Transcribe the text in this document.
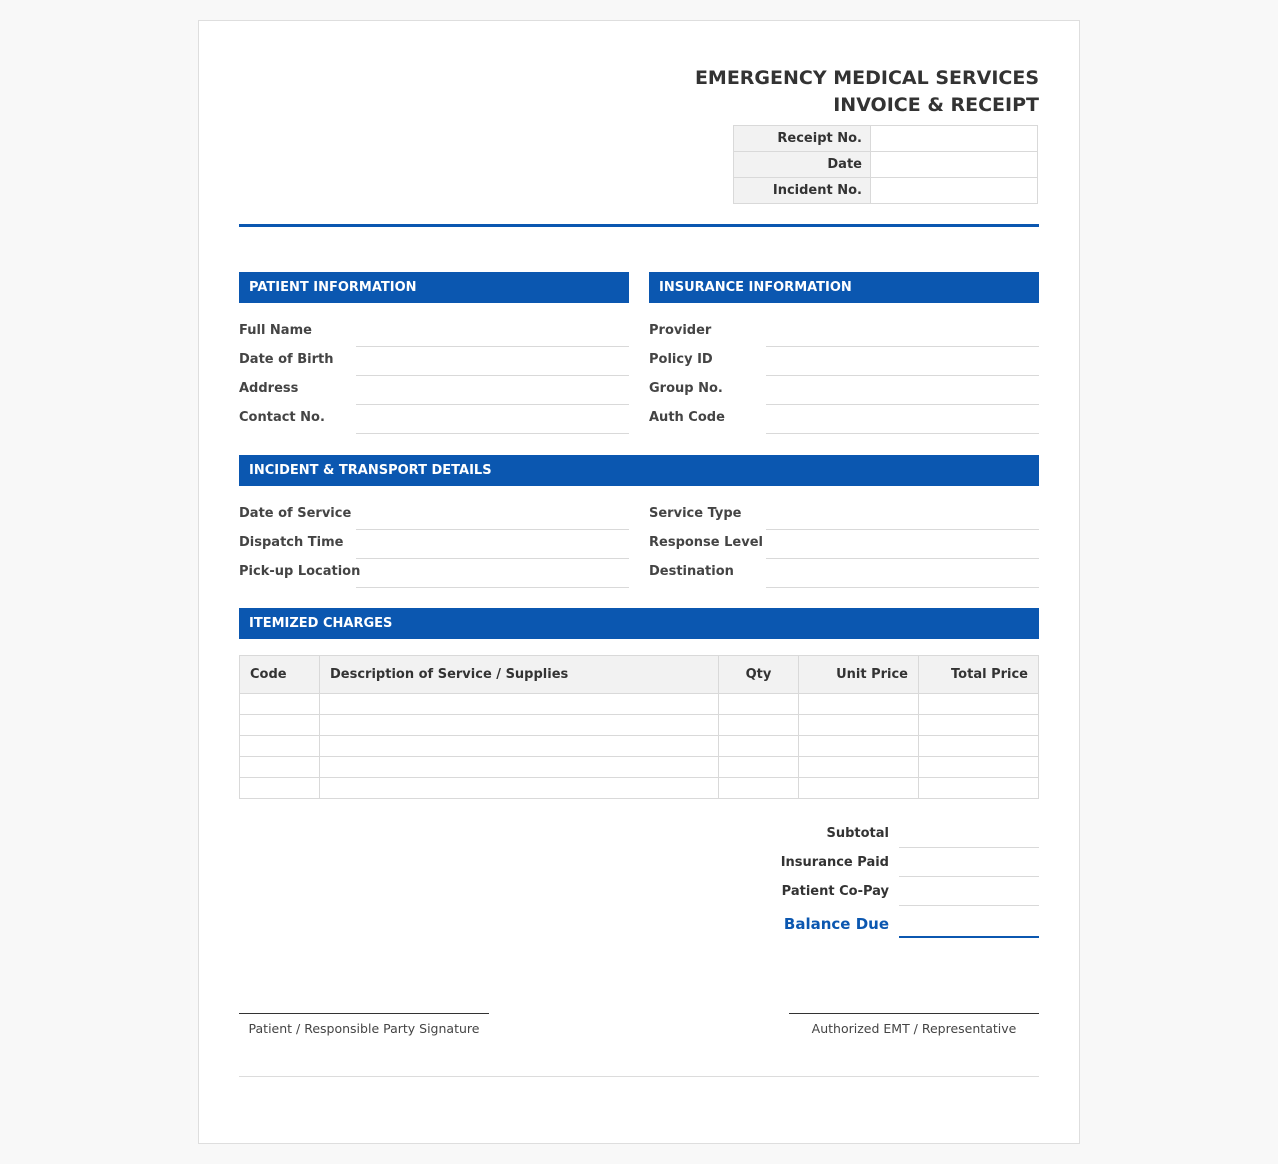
EMERGENCY MEDICAL SERVICES
INVOICE & RECEIPT
Receipt No.	
Date	
Incident No.	
PATIENT INFORMATION
Full Name
Date of Birth
Address
Contact No.
INSURANCE INFORMATION
Provider
Policy ID
Group No.
Auth Code
INCIDENT & TRANSPORT DETAILS
Date of Service
Dispatch Time
Pick-up Location
Service Type
Response Level
Destination
ITEMIZED CHARGES
Code	Description of Service / Supplies	Qty	Unit Price	Total Price

Subtotal
Insurance Paid
Patient Co-Pay
Balance Due
Patient / Responsible Party Signature	Authorized EMT / Representative
